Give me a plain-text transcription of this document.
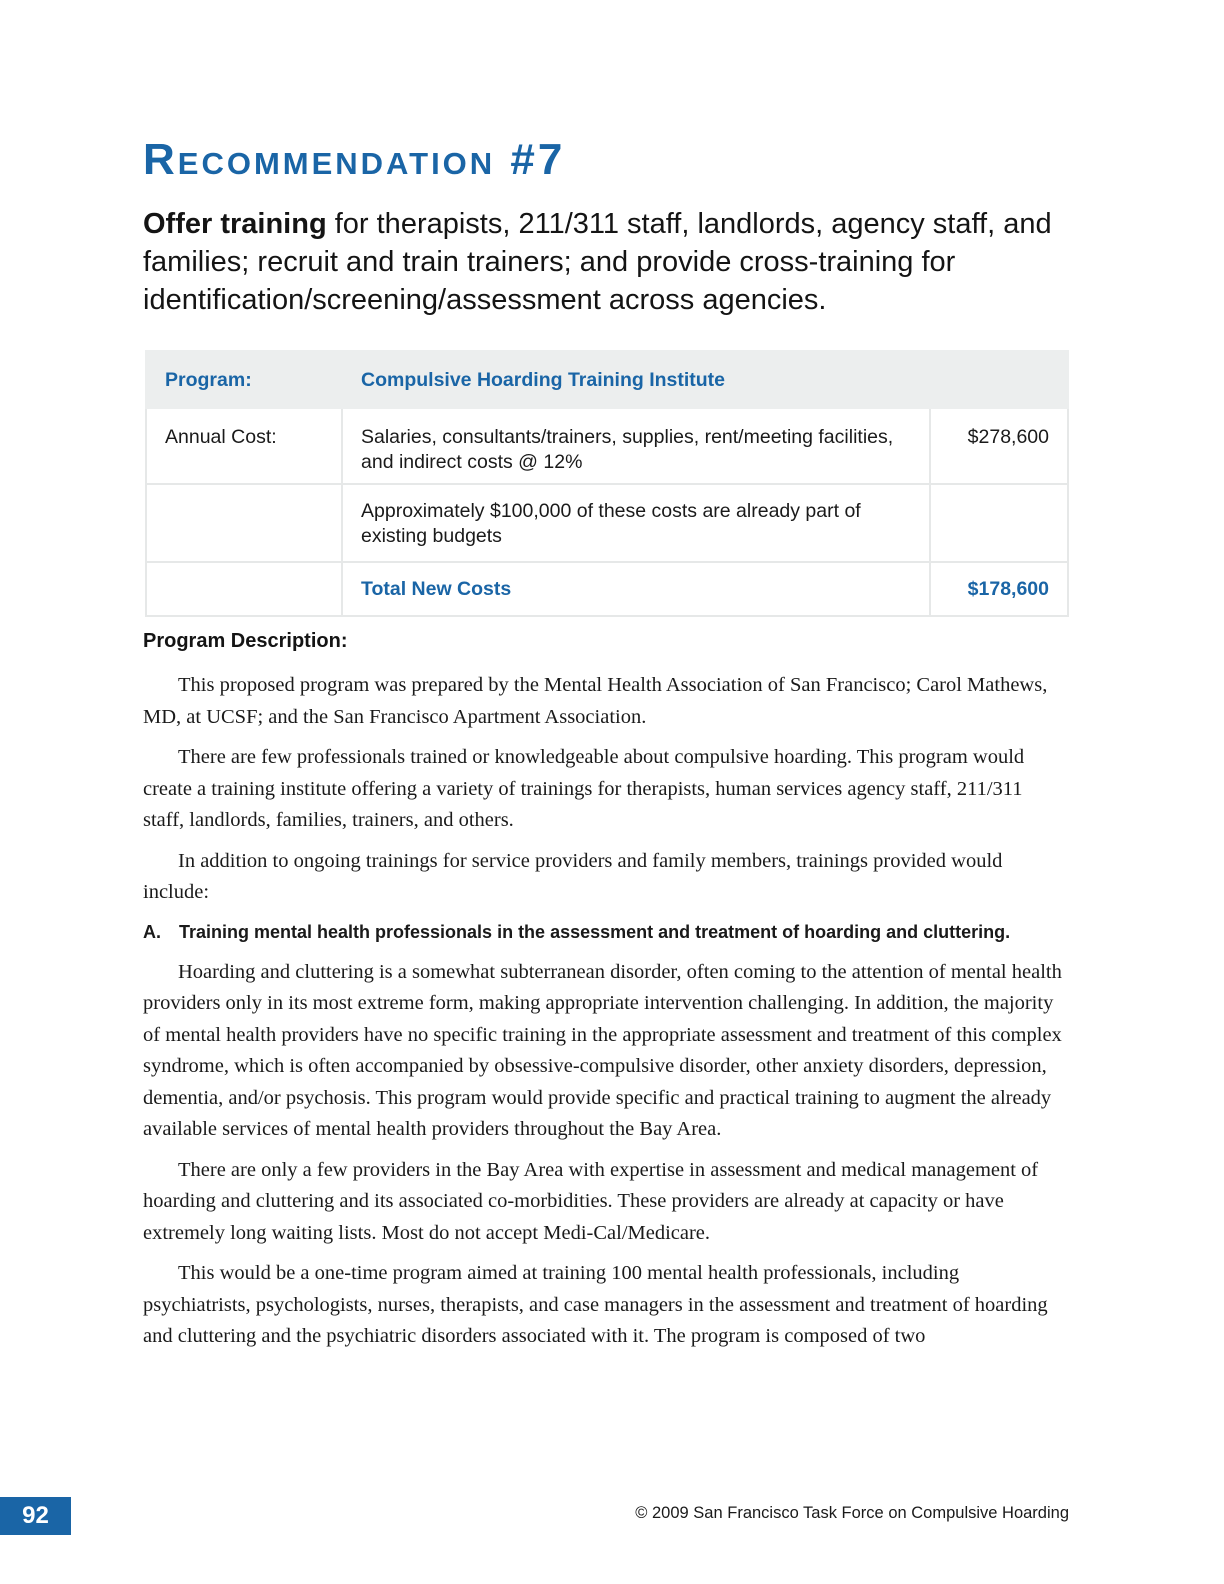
Recommendation #7
Offer training for therapists, 211/311 staff, landlords, agency staff, and families; recruit and train trainers; and provide cross-training for identification/screening/assessment across agencies.
Program:	Compulsive Hoarding Training Institute	
Annual Cost:	Salaries, consultants/trainers, supplies, rent/meeting facilities, and indirect costs @ 12%	$278,600
	Approximately $100,000 of these costs are already part of existing budgets	
	Total New Costs	$178,600
Program Description:

This proposed program was prepared by the Mental Health Association of San Francisco; Carol Mathews, MD, at UCSF; and the San Francisco Apartment Association.

There are few professionals trained or knowledgeable about compulsive hoarding. This program would create a training institute offering a variety of trainings for therapists, human services agency staff, 211/311 staff, landlords, families, trainers, and others.

In addition to ongoing trainings for service providers and family members, trainings provided would include:

A.	Training mental health professionals in the assessment and treatment of hoarding and cluttering.

Hoarding and cluttering is a somewhat subterranean disorder, often coming to the attention of mental health providers only in its most extreme form, making appropriate intervention challenging. In addition, the majority of mental health providers have no specific training in the appropriate assessment and treatment of this complex syndrome, which is often accompanied by obsessive-compulsive disorder, other anxiety disorders, depression, dementia, and/or psychosis. This program would provide specific and practical training to augment the already available services of mental health providers throughout the Bay Area.

There are only a few providers in the Bay Area with expertise in assessment and medical management of hoarding and cluttering and its associated co-morbidities. These providers are already at capacity or have extremely long waiting lists. Most do not accept Medi-Cal/Medicare.

This would be a one-time program aimed at training 100 mental health professionals, including psychiatrists, psychologists, nurses, therapists, and case managers in the assessment and treatment of hoarding and cluttering and the psychiatric disorders associated with it. The program is composed of two

92	© 2009 San Francisco Task Force on Compulsive Hoarding
